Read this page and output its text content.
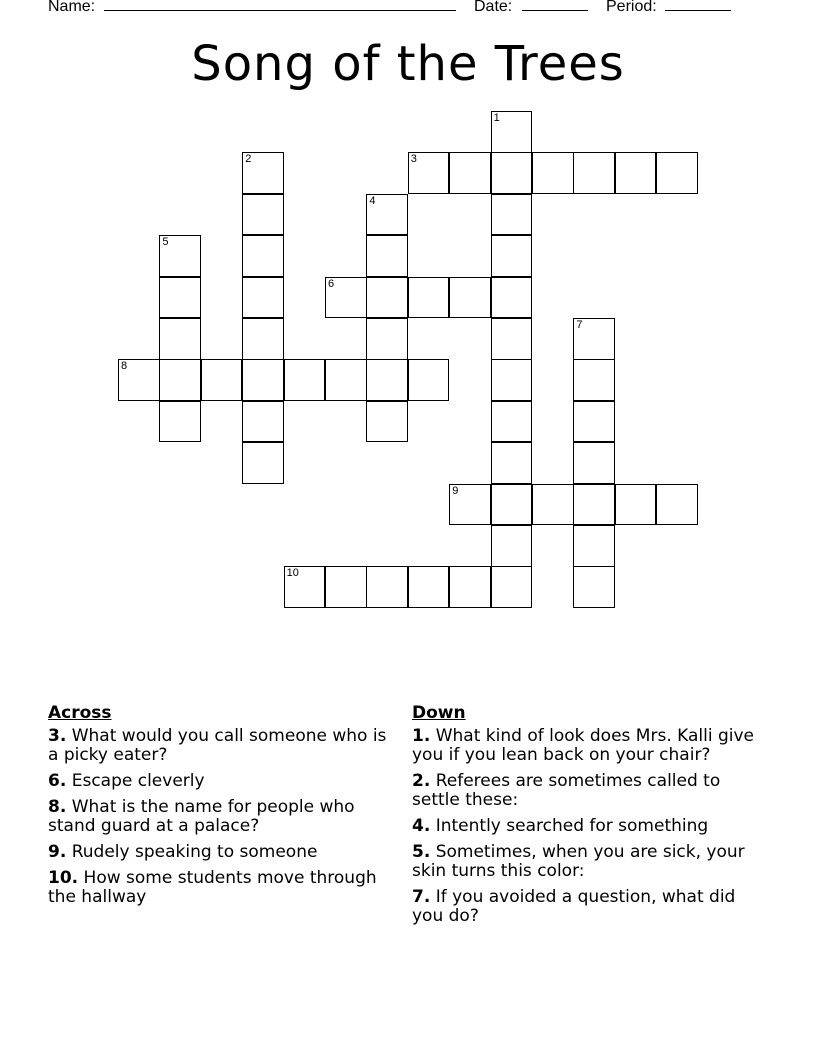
Name:	Date:	Period:
Song of the Trees
1
2	3
4
5
6
7
8
9
10
Across
3. What would you call someone who is a picky eater?
6. Escape cleverly
8. What is the name for people who stand guard at a palace?
9. Rudely speaking to someone
10. How some students move through the hallway
Down
1. What kind of look does Mrs. Kalli give you if you lean back on your chair?
2. Referees are sometimes called to settle these:
4. Intently searched for something
5. Sometimes, when you are sick, your skin turns this color:
7. If you avoided a question, what did you do?
